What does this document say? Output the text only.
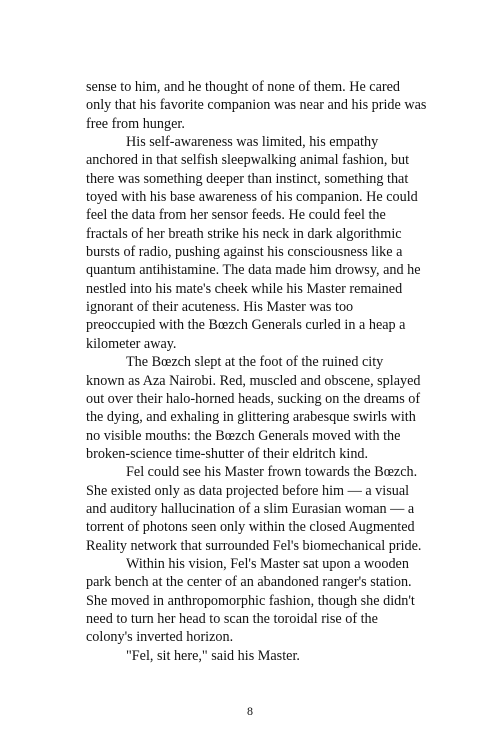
sense to him, and he thought of none of them. He cared

only that his favorite companion was near and his pride was

free from hunger.

His self-awareness was limited, his empathy

anchored in that selfish sleepwalking animal fashion, but

there was something deeper than instinct, something that

toyed with his base awareness of his companion. He could

feel the data from her sensor feeds. He could feel the

fractals of her breath strike his neck in dark algorithmic

bursts of radio, pushing against his consciousness like a

quantum antihistamine. The data made him drowsy, and he

nestled into his mate's cheek while his Master remained

ignorant of their acuteness. His Master was too

preoccupied with the Bœzch Generals curled in a heap a

kilometer away.

The Bœzch slept at the foot of the ruined city

known as Aza Nairobi. Red, muscled and obscene, splayed

out over their halo-horned heads, sucking on the dreams of

the dying, and exhaling in glittering arabesque swirls with

no visible mouths: the Bœzch Generals moved with the

broken-science time-shutter of their eldritch kind.

Fel could see his Master frown towards the Bœzch.

She existed only as data projected before him — a visual

and auditory hallucination of a slim Eurasian woman — a

torrent of photons seen only within the closed Augmented

Reality network that surrounded Fel's biomechanical pride.

Within his vision, Fel's Master sat upon a wooden

park bench at the center of an abandoned ranger's station.

She moved in anthropomorphic fashion, though she didn't

need to turn her head to scan the toroidal rise of the

colony's inverted horizon.

"Fel, sit here," said his Master.

8
